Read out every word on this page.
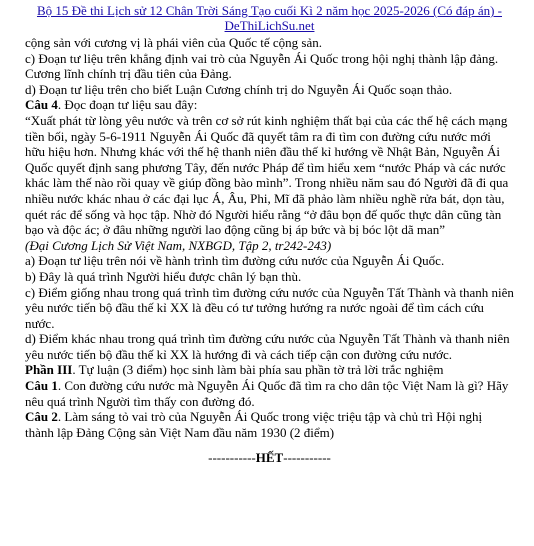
Bộ 15 Đề thi Lịch sử 12 Chân Trời Sáng Tạo cuối Kì 2 năm học 2025-2026 (Có đáp án) -
DeThiLichSu.net

cộng sản với cương vị là phái viên của Quốc tế cộng sản.

c) Đoạn tư liệu trên khẳng định vai trò của Nguyễn Ái Quốc trong hội nghị thành lập đảng. Cương lĩnh chính trị đầu tiên của Đảng.

d) Đoạn tư liệu trên cho biết Luận Cương chính trị do Nguyễn Ái Quốc soạn thảo.

Câu 4. Đọc đoạn tư liệu sau đây:

“Xuất phát từ lòng yêu nước và trên cơ sở rút kinh nghiệm thất bại của các thế hệ cách mạng tiền bối, ngày 5-6-1911 Nguyễn Ái Quốc đã quyết tâm ra đi tìm con đường cứu nước mới hữu hiệu hơn. Nhưng khác với thế hệ thanh niên đầu thế kỉ hướng về Nhật Bản, Nguyễn Ái Quốc quyết định sang phương Tây, đến nước Pháp để tìm hiểu xem “nước Pháp và các nước khác làm thế nào rồi quay về giúp đồng bào mình”. Trong nhiều năm sau đó Người đã đi qua nhiều nước khác nhau ở các đại lục Á, Âu, Phi, Mĩ đã phảo làm nhiều nghề rửa bát, dọn tàu, quét rác để sống và học tập. Nhờ đó Người hiểu rằng “ở đâu bọn đế quốc thực dân cũng tàn bạo và độc ác; ở đâu những người lao động cũng bị áp bức và bị bóc lột dã man”

(Đại Cương Lịch Sử Việt Nam, NXBGD, Tập 2, tr242-243)

a) Đoạn tư liệu trên nói về hành trình tìm đường cứu nước của Nguyễn Ái Quốc.

b) Đây là quá trình Người hiểu được chân lý bạn thù.

c) Điểm giống nhau trong quá trình tìm đường cứu nước của Nguyễn Tất Thành và thanh niên yêu nước tiến bộ đầu thế kỉ XX là đều có tư tưởng hướng ra nước ngoài để tìm cách cứu nước.

d) Điểm khác nhau trong quá trình tìm đường cứu nước của Nguyễn Tất Thành và thanh niên yêu nước tiến bộ đầu thế kỉ XX là hướng đi và cách tiếp cận con đường cứu nước.

Phần III. Tự luận (3 điểm) học sinh làm bài phía sau phần tờ trả lời trắc nghiệm

Câu 1. Con đường cứu nước mà Nguyễn Ái Quốc đã tìm ra cho dân tộc Việt Nam là gì? Hãy nêu quá trình Người tìm thấy con đường đó.

Câu 2. Làm sáng tỏ vai trò của Nguyễn Ái Quốc trong việc triệu tập và chủ trì Hội nghị thành lập Đảng Cộng sản Việt Nam đầu năm 1930 (2 điểm)

-----------HẾT-----------
